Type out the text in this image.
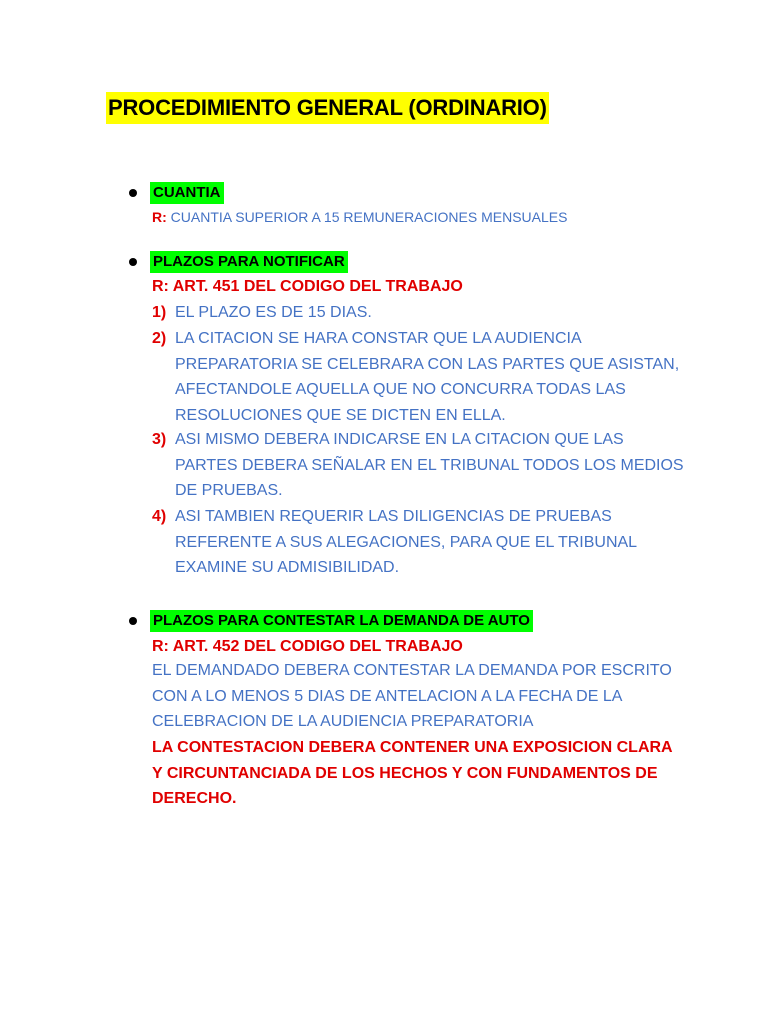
PROCEDIMIENTO GENERAL (ORDINARIO)
CUANTIA
R: CUANTIA SUPERIOR A 15 REMUNERACIONES MENSUALES
PLAZOS PARA NOTIFICAR
R: ART. 451 DEL CODIGO DEL TRABAJO
1) EL PLAZO ES DE 15 DIAS.
2) LA CITACION SE HARA CONSTAR QUE LA AUDIENCIA
PREPARATORIA SE CELEBRARA CON LAS PARTES QUE ASISTAN,
AFECTANDOLE AQUELLA QUE NO CONCURRA TODAS LAS
RESOLUCIONES QUE SE DICTEN EN ELLA.
3) ASI MISMO DEBERA INDICARSE EN LA CITACION QUE LAS
PARTES DEBERA SEÑALAR EN EL TRIBUNAL TODOS LOS MEDIOS
DE PRUEBAS.
4) ASI TAMBIEN REQUERIR LAS DILIGENCIAS DE PRUEBAS
REFERENTE A SUS ALEGACIONES, PARA QUE EL TRIBUNAL
EXAMINE SU ADMISIBILIDAD.
PLAZOS PARA CONTESTAR LA DEMANDA DE AUTO
R: ART. 452 DEL CODIGO DEL TRABAJO
EL DEMANDADO DEBERA CONTESTAR LA DEMANDA POR ESCRITO
CON A LO MENOS 5 DIAS DE ANTELACION A LA FECHA DE LA
CELEBRACION DE LA AUDIENCIA PREPARATORIA
LA CONTESTACION DEBERA CONTENER UNA EXPOSICION CLARA
Y CIRCUNTANCIADA DE LOS HECHOS Y CON FUNDAMENTOS DE
DERECHO.
